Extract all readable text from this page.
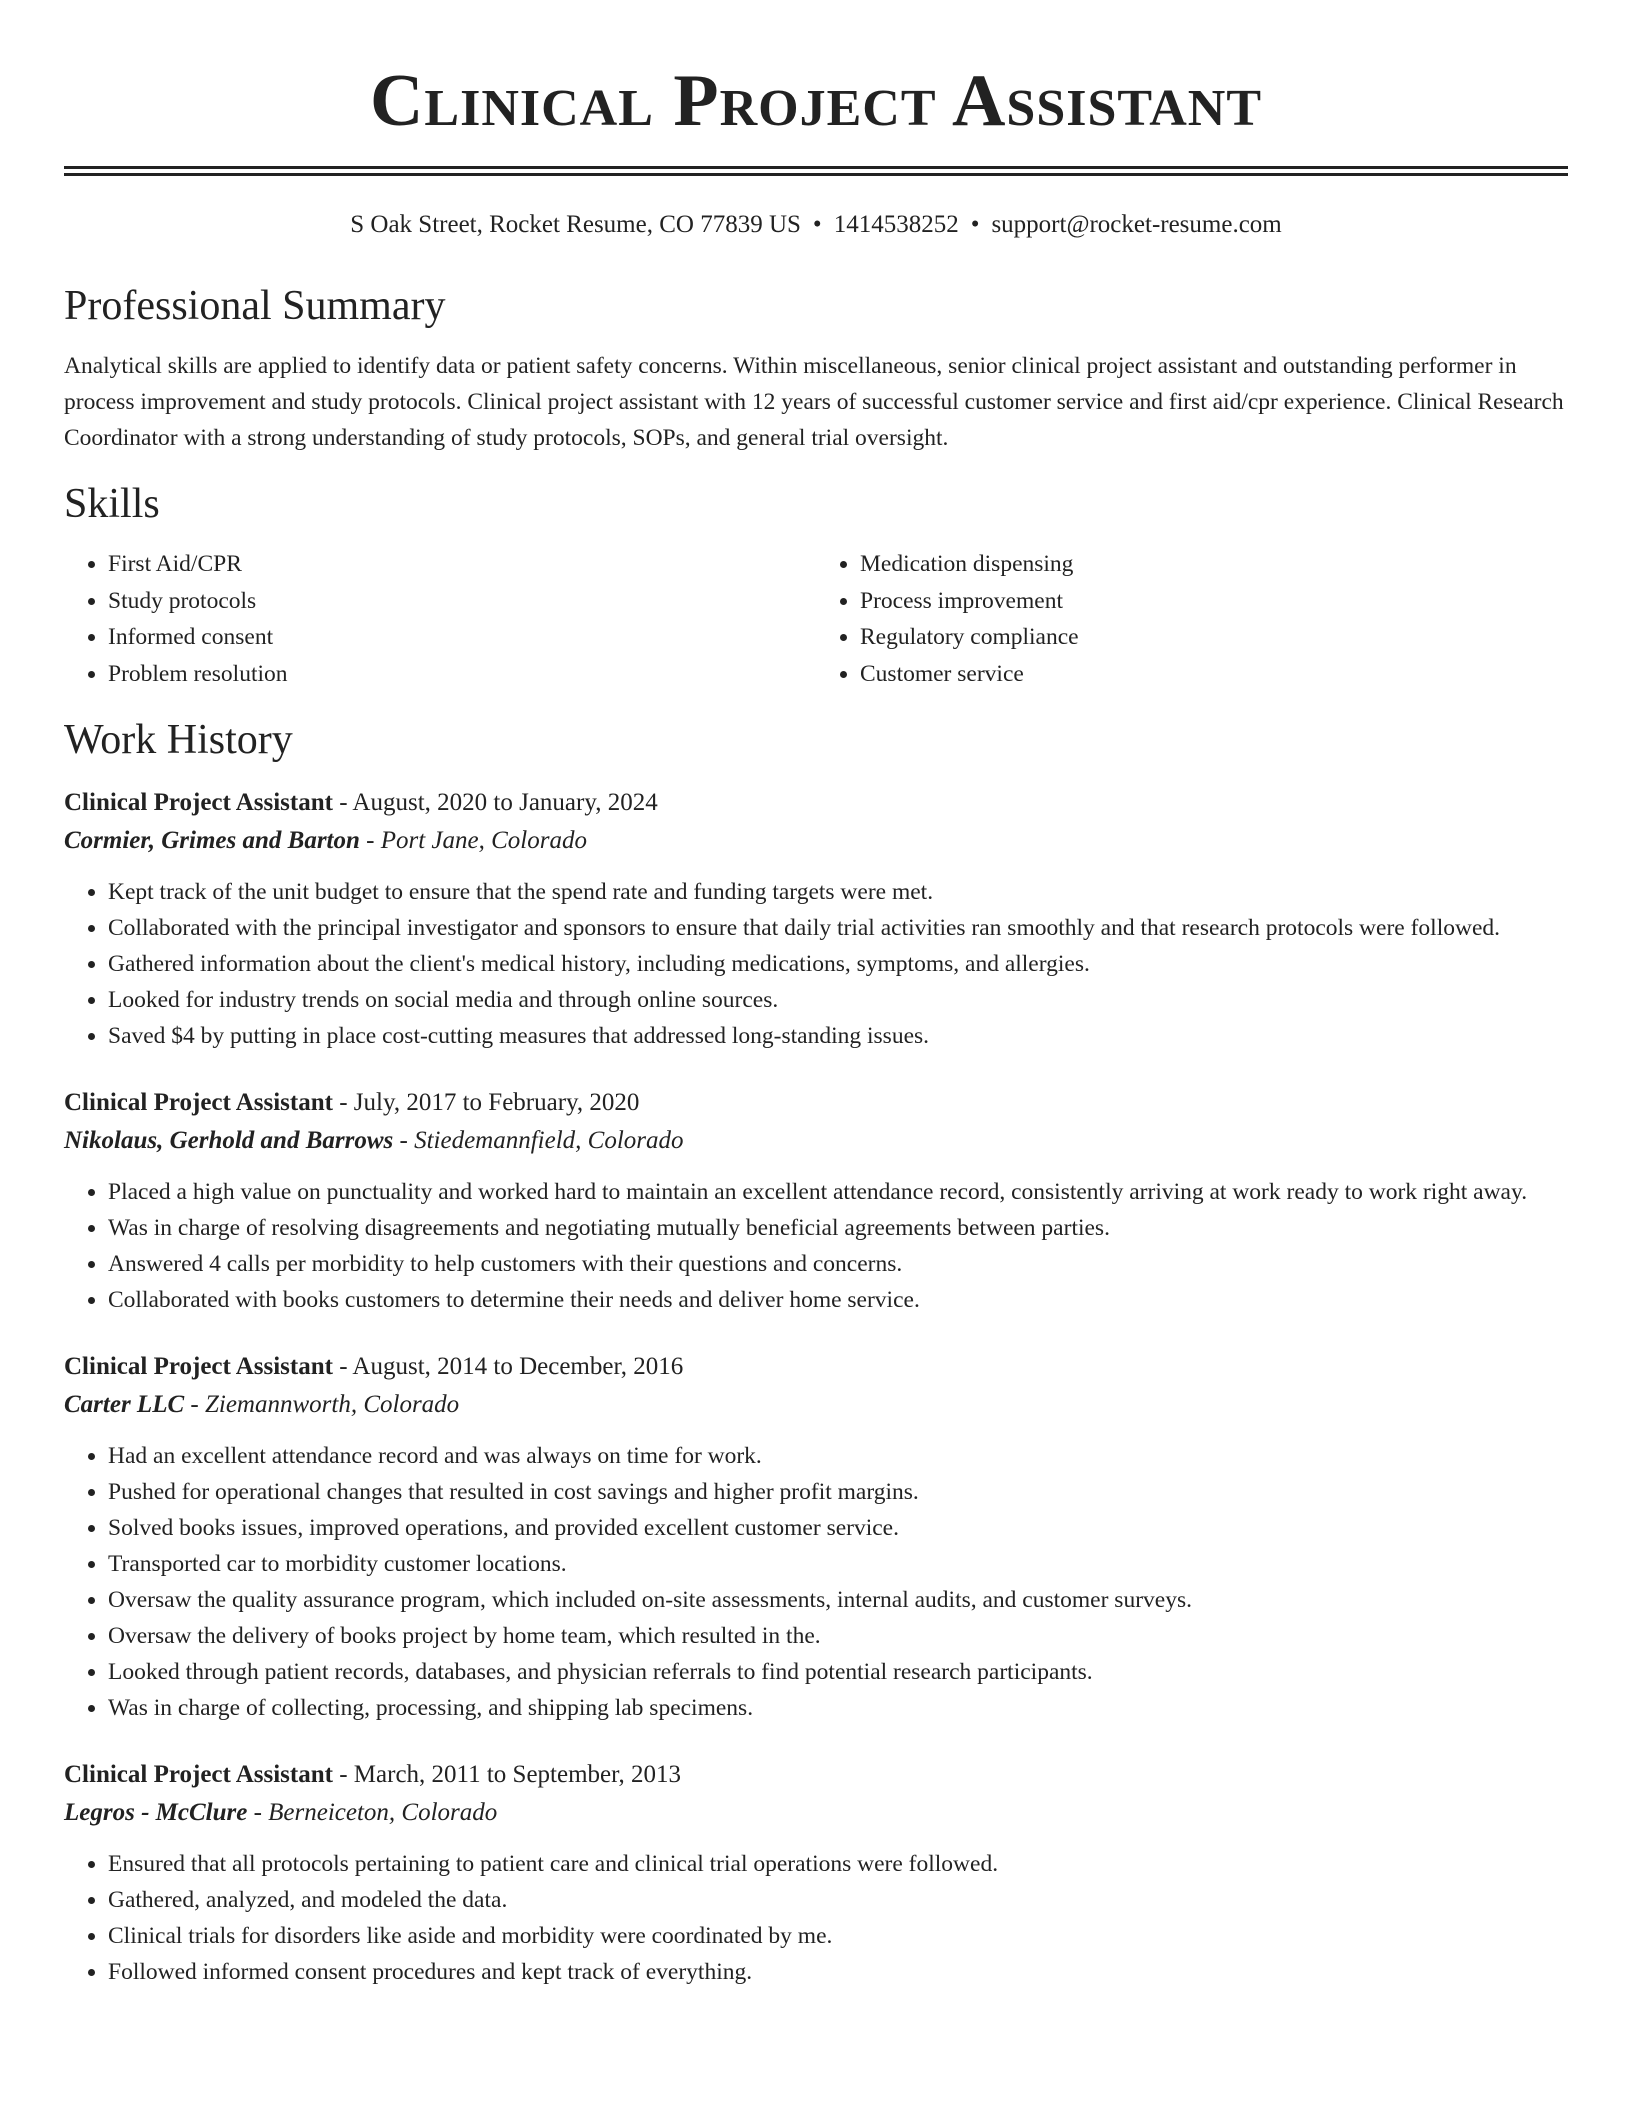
Clinical Project Assistant
S Oak Street, Rocket Resume, CO 77839 US • 1414538252 • support@rocket-resume.com
Professional Summary

Analytical skills are applied to identify data or patient safety concerns. Within miscellaneous, senior clinical project assistant and outstanding performer in process improvement and study protocols. Clinical project assistant with 12 years of successful customer service and first aid/cpr experience. Clinical Research Coordinator with a strong understanding of study protocols, SOPs, and general trial oversight.

Skills
• First Aid/CPR
• Study protocols
• Informed consent
• Problem resolution
• Medication dispensing
• Process improvement
• Regulatory compliance
• Customer service
Work History
Clinical Project Assistant - August, 2020 to January, 2024
Cormier, Grimes and Barton - Port Jane, Colorado
• Kept track of the unit budget to ensure that the spend rate and funding targets were met.
• Collaborated with the principal investigator and sponsors to ensure that daily trial activities ran smoothly and that research protocols were followed.
• Gathered information about the client's medical history, including medications, symptoms, and allergies.
• Looked for industry trends on social media and through online sources.
• Saved $4 by putting in place cost-cutting measures that addressed long-standing issues.
Clinical Project Assistant - July, 2017 to February, 2020
Nikolaus, Gerhold and Barrows - Stiedemannfield, Colorado
• Placed a high value on punctuality and worked hard to maintain an excellent attendance record, consistently arriving at work ready to work right away.
• Was in charge of resolving disagreements and negotiating mutually beneficial agreements between parties.
• Answered 4 calls per morbidity to help customers with their questions and concerns.
• Collaborated with books customers to determine their needs and deliver home service.
Clinical Project Assistant - August, 2014 to December, 2016
Carter LLC - Ziemannworth, Colorado
• Had an excellent attendance record and was always on time for work.
• Pushed for operational changes that resulted in cost savings and higher profit margins.
• Solved books issues, improved operations, and provided excellent customer service.
• Transported car to morbidity customer locations.
• Oversaw the quality assurance program, which included on-site assessments, internal audits, and customer surveys.
• Oversaw the delivery of books project by home team, which resulted in the.
• Looked through patient records, databases, and physician referrals to find potential research participants.
• Was in charge of collecting, processing, and shipping lab specimens.
Clinical Project Assistant - March, 2011 to September, 2013
Legros - McClure - Berneiceton, Colorado
• Ensured that all protocols pertaining to patient care and clinical trial operations were followed.
• Gathered, analyzed, and modeled the data.
• Clinical trials for disorders like aside and morbidity were coordinated by me.
• Followed informed consent procedures and kept track of everything.
